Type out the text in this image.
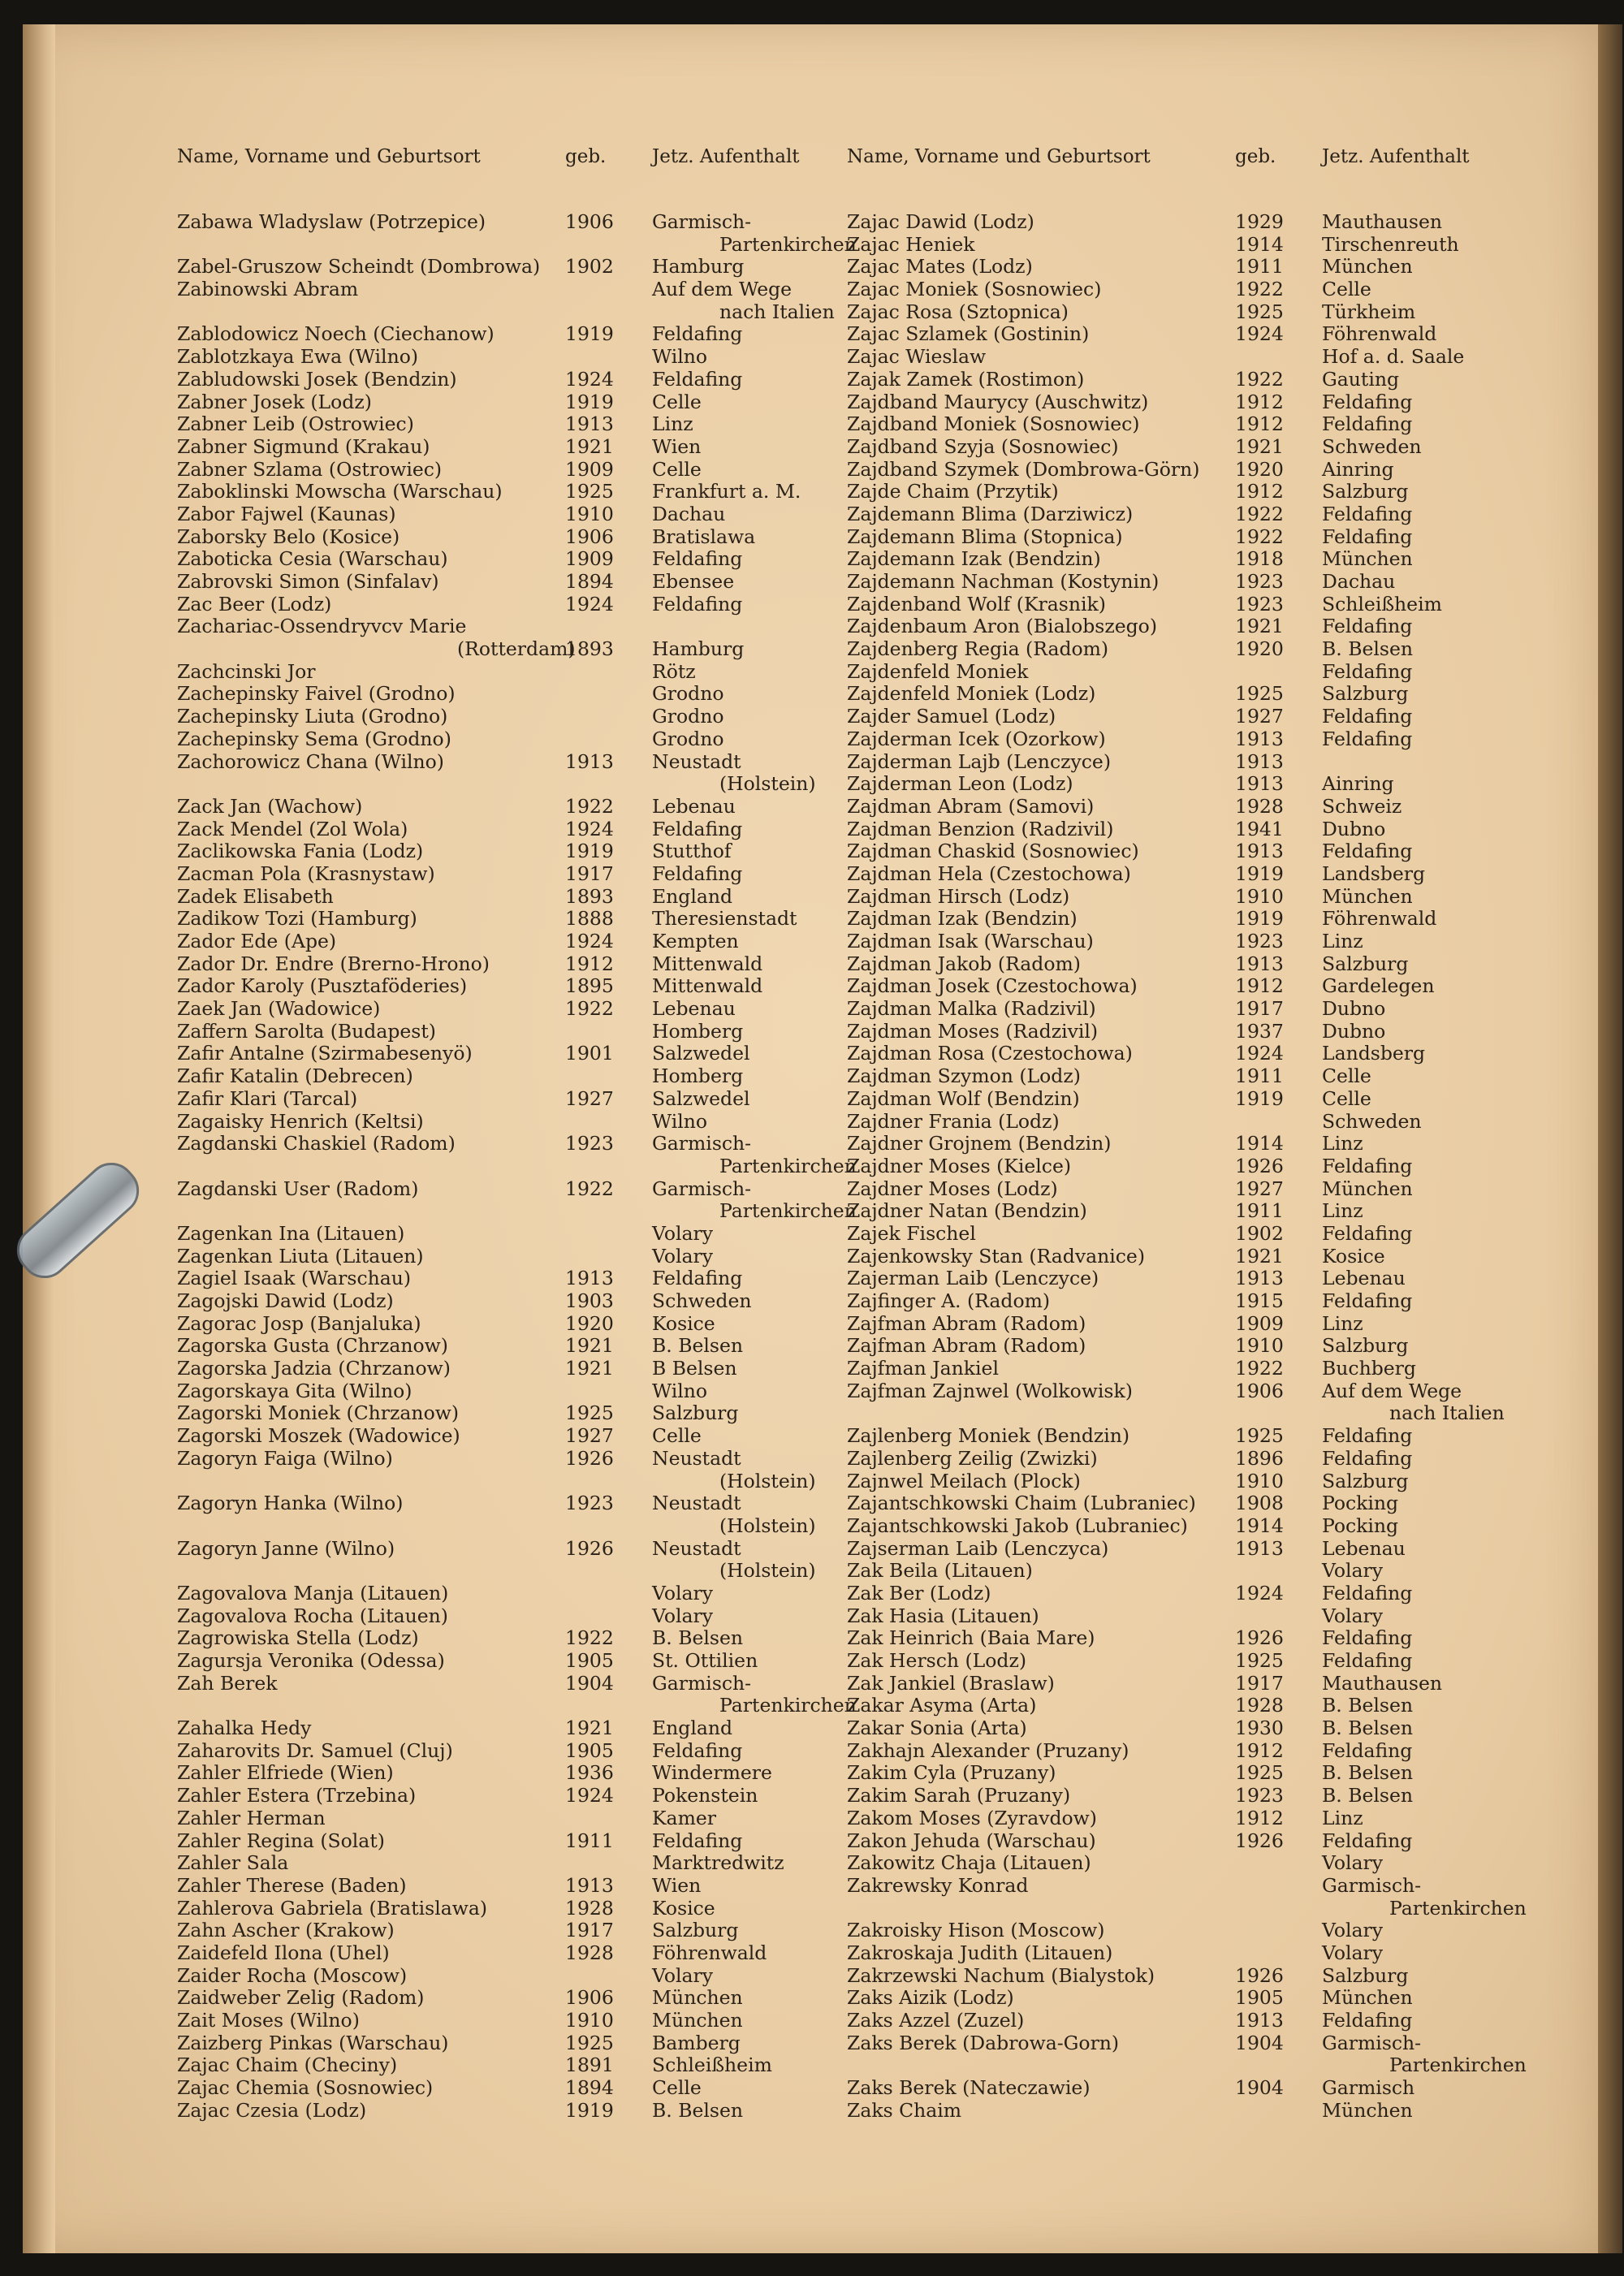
Name, Vorname und Geburtsort	geb. Jetz. Aufenthalt
Zabawa Wladyslaw (Potrzepice)	1906 Garmisch-
Partenkirchen
Zabel-Gruszow Scheindt (Dombrowa) 1902 Hamburg
Zabinowski Abram	Auf dem Wege
nach Italien
Zablodowicz Noech (Ciechanow)	1919 Feldafing
Zablotzkaya Ewa (Wilno)	Wilno
Zabludowski Josek (Bendzin)	1924 Feldafing
Zabner Josek (Lodz)	1919 Celle
Zabner Leib (Ostrowiec)	1913 Linz
Zabner Sigmund (Krakau)	1921 Wien
Zabner Szlama (Ostrowiec)	1909 Celle
Zaboklinski Mowscha (Warschau)	1925 Frankfurt a. M.
Zabor Fajwel (Kaunas)	1910 Dachau
Zaborsky Belo (Kosice)	1906 Bratislawa
Zaboticka Cesia (Warschau)	1909 Feldafing
Zabrovski Simon (Sinfalav)	1894 Ebensee
Zac Beer (Lodz)	1924 Feldafing
Zachariac-Ossendryvcv Marie
(Rotterdam)
1893 Hamburg
Zachcinski Jor	Rötz
Zachepinsky Faivel (Grodno)	Grodno
Zachepinsky Liuta (Grodno)	Grodno
Zachepinsky Sema (Grodno)	Grodno
Zachorowicz Chana (Wilno)	1913 Neustadt
(Holstein)
Zack Jan (Wachow)	1922 Lebenau
Zack Mendel (Zol Wola)	1924 Feldafing
Zaclikowska Fania (Lodz)	1919 Stutthof
Zacman Pola (Krasnystaw)	1917 Feldafing
Zadek Elisabeth	1893 England
Zadikow Tozi (Hamburg)	1888 Theresienstadt
Zador Ede (Ape)	1924 Kempten
Zador Dr. Endre (Brerno-Hrono)	1912 Mittenwald
Zador Karoly (Pusztaföderies)	1895 Mittenwald
Zaek Jan (Wadowice)	1922 Lebenau
Zaffern Sarolta (Budapest)	Homberg
Zafir Antalne (Szirmabesenyö)	1901 Salzwedel
Zafir Katalin (Debrecen)	Homberg
Zafir Klari (Tarcal)	1927 Salzwedel
Zagaisky Henrich (Keltsi)	Wilno
Zagdanski Chaskiel (Radom)	1923 Garmisch-
Partenkirchen
Zagdanski User (Radom)	1922 Garmisch-
Partenkirchen
Zagenkan Ina (Litauen)	Volary
Zagenkan Liuta (Litauen)	Volary
Zagiel Isaak (Warschau)	1913 Feldafing
Zagojski Dawid (Lodz)	1903 Schweden
Zagorac Josp (Banjaluka)	1920 Kosice
Zagorska Gusta (Chrzanow)	1921 B. Belsen
Zagorska Jadzia (Chrzanow)	1921 B Belsen
Zagorskaya Gita (Wilno)	Wilno
Zagorski Moniek (Chrzanow)	1925 Salzburg
Zagorski Moszek (Wadowice)	1927 Celle
Zagoryn Faiga (Wilno)	1926 Neustadt
(Holstein)
Zagoryn Hanka (Wilno)	1923 Neustadt
(Holstein)
Zagoryn Janne (Wilno)	1926 Neustadt
(Holstein)
Zagovalova Manja (Litauen)	Volary
Zagovalova Rocha (Litauen)	Volary
Zagrowiska Stella (Lodz)	1922 B. Belsen
Zagursja Veronika (Odessa)	1905 St. Ottilien
Zah Berek	1904 Garmisch-
Partenkirchen
Zahalka Hedy	1921 England
Zaharovits Dr. Samuel (Cluj)	1905 Feldafing
Zahler Elfriede (Wien)	1936 Windermere
Zahler Estera (Trzebina)	1924 Pokenstein
Zahler Herman	Kamer
Zahler Regina (Solat)	1911 Feldafing
Zahler Sala	Marktredwitz
Zahler Therese (Baden)	1913 Wien
Zahlerova Gabriela (Bratislawa)	1928 Kosice
Zahn Ascher (Krakow)	1917 Salzburg
Zaidefeld Ilona (Uhel)	1928 Föhrenwald
Zaider Rocha (Moscow)	Volary
Zaidweber Zelig (Radom)	1906 München
Zait Moses (Wilno)	1910 München
Zaizberg Pinkas (Warschau)	1925 Bamberg
Zajac Chaim (Checiny)	1891 Schleißheim
Zajac Chemia (Sosnowiec)	1894 Celle
Zajac Czesia (Lodz)	1919 B. Belsen
Name, Vorname und Geburtsort	geb. Jetz. Aufenthalt
Zajac Dawid (Lodz)	1929 Mauthausen
Zajac Heniek	1914 Tirschenreuth
Zajac Mates (Lodz)	1911 München
Zajac Moniek (Sosnowiec)	1922 Celle
Zajac Rosa (Sztopnica)	1925 Türkheim
Zajac Szlamek (Gostinin)	1924 Föhrenwald
Zajac Wieslaw	Hof a. d. Saale
Zajak Zamek (Rostimon)	1922 Gauting
Zajdband Maurycy (Auschwitz)	1912 Feldafing
Zajdband Moniek (Sosnowiec)	1912 Feldafing
Zajdband Szyja (Sosnowiec)	1921 Schweden
Zajdband Szymek (Dombrowa-Görn) 1920 Ainring
Zajde Chaim (Przytik)	1912 Salzburg
Zajdemann Blima (Darziwicz)	1922 Feldafing
Zajdemann Blima (Stopnica)	1922 Feldafing
Zajdemann Izak (Bendzin)	1918 München
Zajdemann Nachman (Kostynin)	1923 Dachau
Zajdenband Wolf (Krasnik)	1923 Schleißheim
Zajdenbaum Aron (Bialobszego)	1921 Feldafing
Zajdenberg Regia (Radom)	1920 B. Belsen
Zajdenfeld Moniek	Feldafing
Zajdenfeld Moniek (Lodz)	1925 Salzburg
Zajder Samuel (Lodz)	1927 Feldafing
Zajderman Icek (Ozorkow)	1913 Feldafing
Zajderman Lajb (Lenczyce)	1913
Zajderman Leon (Lodz)	1913 Ainring
Zajdman Abram (Samovi)	1928 Schweiz
Zajdman Benzion (Radzivil)	1941 Dubno
Zajdman Chaskid (Sosnowiec)	1913 Feldafing
Zajdman Hela (Czestochowa)	1919 Landsberg
Zajdman Hirsch (Lodz)	1910 München
Zajdman Izak (Bendzin)	1919 Föhrenwald
Zajdman Isak (Warschau)	1923 Linz
Zajdman Jakob (Radom)	1913 Salzburg
Zajdman Josek (Czestochowa)	1912 Gardelegen
Zajdman Malka (Radzivil)	1917 Dubno
Zajdman Moses (Radzivil)	1937 Dubno
Zajdman Rosa (Czestochowa)	1924 Landsberg
Zajdman Szymon (Lodz)	1911 Celle
Zajdman Wolf (Bendzin)	1919 Celle
Zajdner Frania (Lodz)	Schweden
Zajdner Grojnem (Bendzin)	1914 Linz
Zajdner Moses (Kielce)	1926 Feldafing
Zajdner Moses (Lodz)	1927 München
Zajdner Natan (Bendzin)	1911 Linz
Zajek Fischel	1902 Feldafing
Zajenkowsky Stan (Radvanice)	1921 Kosice
Zajerman Laib (Lenczyce)	1913 Lebenau
Zajfinger A. (Radom)	1915 Feldafing
Zajfman Abram (Radom)	1909 Linz
Zajfman Abram (Radom)	1910 Salzburg
Zajfman Jankiel	1922 Buchberg
Zajfman Zajnwel (Wolkowisk)	1906 Auf dem Wege
nach Italien
Zajlenberg Moniek (Bendzin)	1925 Feldafing
Zajlenberg Zeilig (Zwizki)	1896 Feldafing
Zajnwel Meilach (Plock)	1910 Salzburg
Zajantschkowski Chaim (Lubraniec) 1908 Pocking
Zajantschkowski Jakob (Lubraniec) 1914 Pocking
Zajserman Laib (Lenczyca)	1913 Lebenau
Zak Beila (Litauen)	Volary
Zak Ber (Lodz)	1924 Feldafing
Zak Hasia (Litauen)	Volary
Zak Heinrich (Baia Mare)	1926 Feldafing
Zak Hersch (Lodz)	1925 Feldafing
Zak Jankiel (Braslaw)	1917 Mauthausen
Zakar Asyma (Arta)	1928 B. Belsen
Zakar Sonia (Arta)	1930 B. Belsen
Zakhajn Alexander (Pruzany)	1912 Feldafing
Zakim Cyla (Pruzany)	1925 B. Belsen
Zakim Sarah (Pruzany)	1923 B. Belsen
Zakom Moses (Zyravdow)	1912 Linz
Zakon Jehuda (Warschau)	1926 Feldafing
Zakowitz Chaja (Litauen)	Volary
Zakrewsky Konrad	Garmisch-
Partenkirchen
Zakroisky Hison (Moscow)	Volary
Zakroskaja Judith (Litauen)	Volary
Zakrzewski Nachum (Bialystok)	1926 Salzburg
Zaks Aizik (Lodz)	1905 München
Zaks Azzel (Zuzel)	1913 Feldafing
Zaks Berek (Dabrowa-Gorn)	1904 Garmisch-
Partenkirchen
Zaks Berek (Nateczawie)	1904 Garmisch
Zaks Chaim	München
